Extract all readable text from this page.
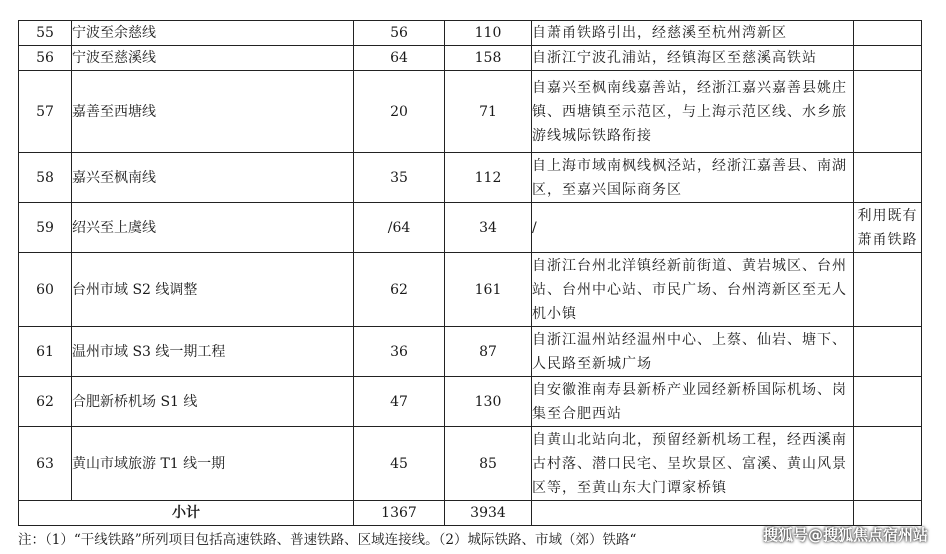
55	宁波至余慈线	56	110	自萧甬铁路引出，经慈溪至杭州湾新区	
56	宁波至慈溪线	64	158	自浙江宁波孔浦站，经镇海区至慈溪高铁站	
57	嘉善至西塘线	20	71	自嘉兴至枫南线嘉善站，经浙江嘉兴嘉善县姚庄镇、西塘镇至示范区，与上海示范区线、水乡旅游线城际铁路衔接	
58	嘉兴至枫南线	35	112	自上海市域南枫线枫泾站，经浙江嘉善县、南湖区，至嘉兴国际商务区	
59	绍兴至上虞线	/64	34	/	利用既有萧甬铁路
60	台州市域 S2 线调整	62	161	自浙江台州北洋镇经新前街道、黄岩城区、台州站、台州中心站、市民广场、台州湾新区至无人机小镇	
61	温州市域 S3 线一期工程	36	87	自浙江温州站经温州中心、上蔡、仙岩、塘下、人民路至新城广场	
62	合肥新桥机场 S1 线	47	130	自安徽淮南寿县新桥产业园经新桥国际机场、岗集至合肥西站	
63	黄山市域旅游 T1 线一期	45	85	自黄山北站向北，预留经新机场工程，经西溪南古村落、潜口民宅、呈坎景区、富溪、黄山风景区等，至黄山东大门谭家桥镇	
小计		1367	3934		
注：（1）“干线铁路”所列项目包括高速铁路、普速铁路、区域连接线。（2）城际铁路、市域（郊）铁路“	搜狐号@搜狐焦点宿州站
